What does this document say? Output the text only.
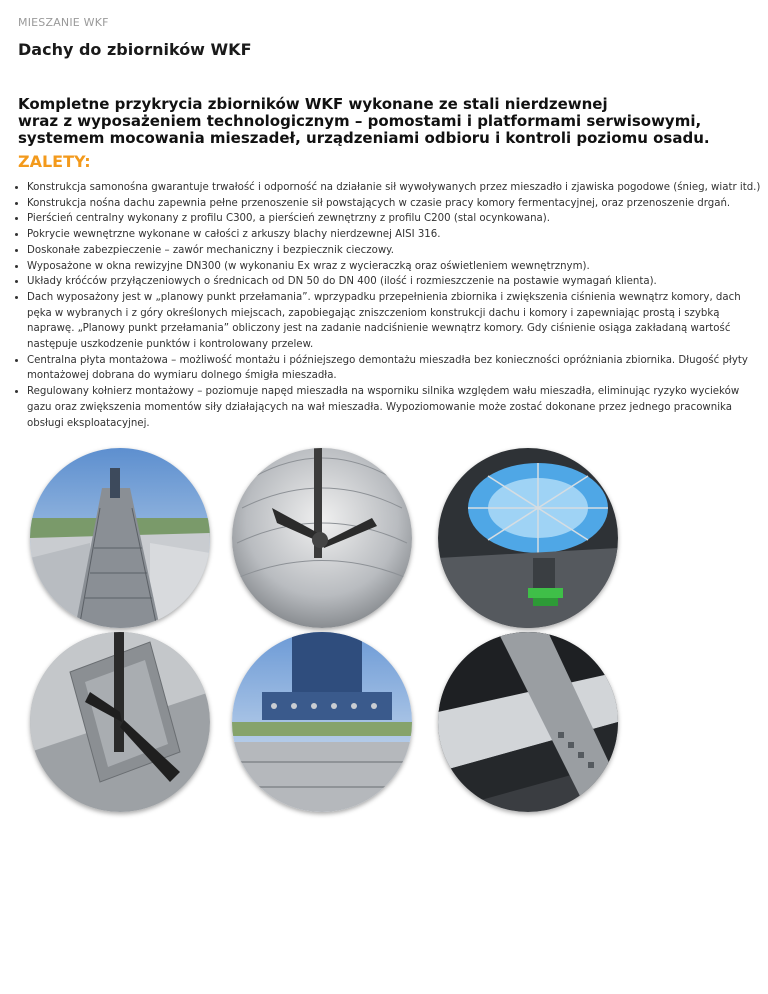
MIESZANIE WKF
Dachy do zbiorników WKF
Kompletne przykrycia zbiorników WKF wykonane ze stali nierdzewnej
wraz z wyposażeniem technologicznym – pomostami i platformami serwisowymi,
systemem mocowania mieszadeł, urządzeniami odbioru i kontroli poziomu osadu.
ZALETY:
• Konstrukcja samonośna gwarantuje trwałość i odporność na działanie sił wywoływanych przez mieszadło i zjawiska pogodowe (śnieg, wiatr itd.)
• Konstrukcja nośna dachu zapewnia pełne przenoszenie sił powstających w czasie pracy komory fermentacyjnej, oraz przenoszenie drgań.
• Pierścień centralny wykonany z profilu C300, a pierścień zewnętrzny z profilu C200 (stal ocynkowana).
• Pokrycie wewnętrzne wykonane w całości z arkuszy blachy nierdzewnej AISI 316.
• Doskonałe zabezpieczenie – zawór mechaniczny i bezpiecznik cieczowy.
• Wyposażone w okna rewizyjne DN300 (w wykonaniu Ex wraz z wycieraczką oraz oświetleniem wewnętrznym).
• Układy króćców przyłączeniowych o średnicach od DN 50 do DN 400 (ilość i rozmieszczenie na postawie wymagań klienta).
• Dach wyposażony jest w „planowy punkt przełamania”. wprzypadku przepełnienia zbiornika i zwiększenia ciśnienia wewnątrz komory, dach pęka w wybranych i z góry określonych miejscach, zapobiegając zniszczeniom konstrukcji dachu i komory i zapewniając prostą i szybką naprawę. „Planowy punkt przełamania” obliczony jest na zadanie nadciśnienie wewnątrz komory. Gdy ciśnienie osiąga zakładaną wartość następuje uszkodzenie punktów i kontrolowany przelew.
• Centralna płyta montażowa – możliwość montażu i późniejszego demontażu mieszadła bez konieczności opróżniania zbiornika. Długość płyty montażowej dobrana do wymiaru dolnego śmigła mieszadła.
• Regulowany kołnierz montażowy – poziomuje napęd mieszadła na wsporniku silnika względem wału mieszadła, eliminując ryzyko wycieków gazu oraz zwiększenia momentów siły działających na wał mieszadła. Wypoziomowanie może zostać dokonane przez jednego pracownika obsługi eksploatacyjnej.
